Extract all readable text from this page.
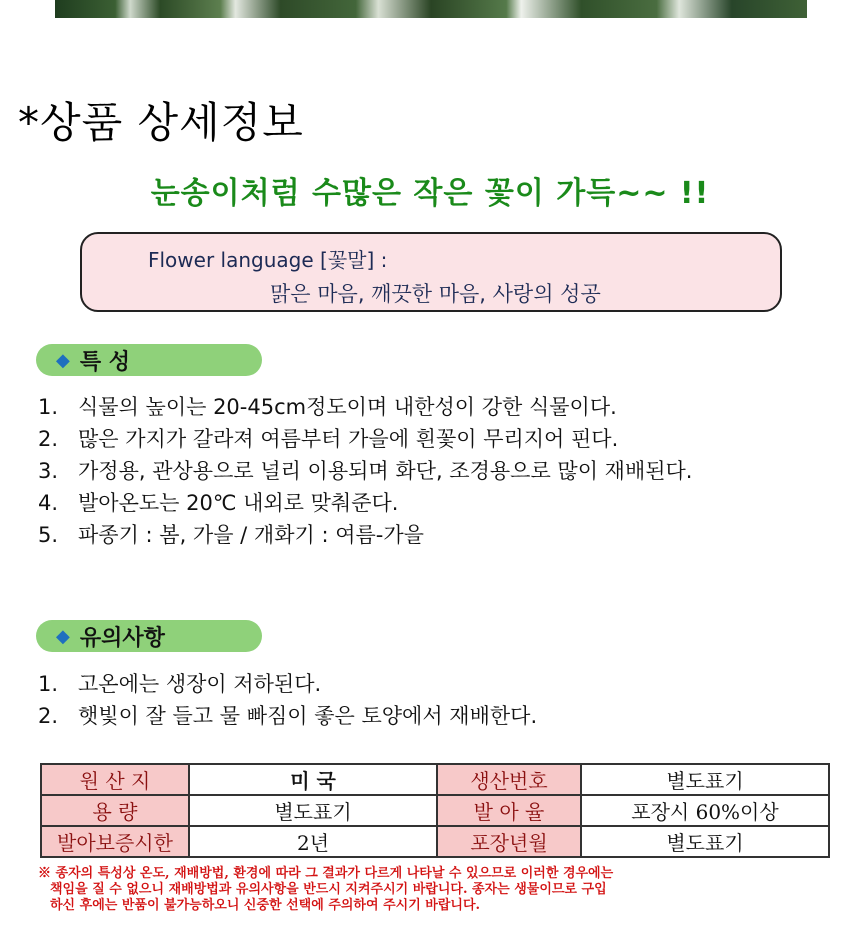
*상품 상세정보
눈송이처럼 수많은 작은 꽃이 가득~~ !!
Flower language [꽃말] :
맑은 마음, 깨끗한 마음, 사랑의 성공
◆ 특 성
1. 식물의 높이는 20-45cm정도이며 내한성이 강한 식물이다.
2. 많은 가지가 갈라져 여름부터 가을에 흰꽃이 무리지어 핀다.
3. 가정용, 관상용으로 널리 이용되며 화단, 조경용으로 많이 재배된다.
4. 발아온도는 20℃ 내외로 맞춰준다.
5. 파종기 : 봄, 가을 / 개화기 : 여름-가을
◆ 유의사항
1. 고온에는 생장이 저하된다.
2. 햇빛이 잘 들고 물 빠짐이 좋은 토양에서 재배한다.
원 산 지	미 국	생산번호	별도표기
용 량	별도표기	발 아 율	포장시 60%이상
발아보증시한	2년	포장년월	별도표기

※ 종자의 특성상 온도, 재배방법, 환경에 따라 그 결과가 다르게 나타날 수 있으므로 이러한 경우에는

책임을 질 수 없으니 재배방법과 유의사항을 반드시 지켜주시기 바랍니다. 종자는 생물이므로 구입

하신 후에는 반품이 불가능하오니 신중한 선택에 주의하여 주시기 바랍니다.
